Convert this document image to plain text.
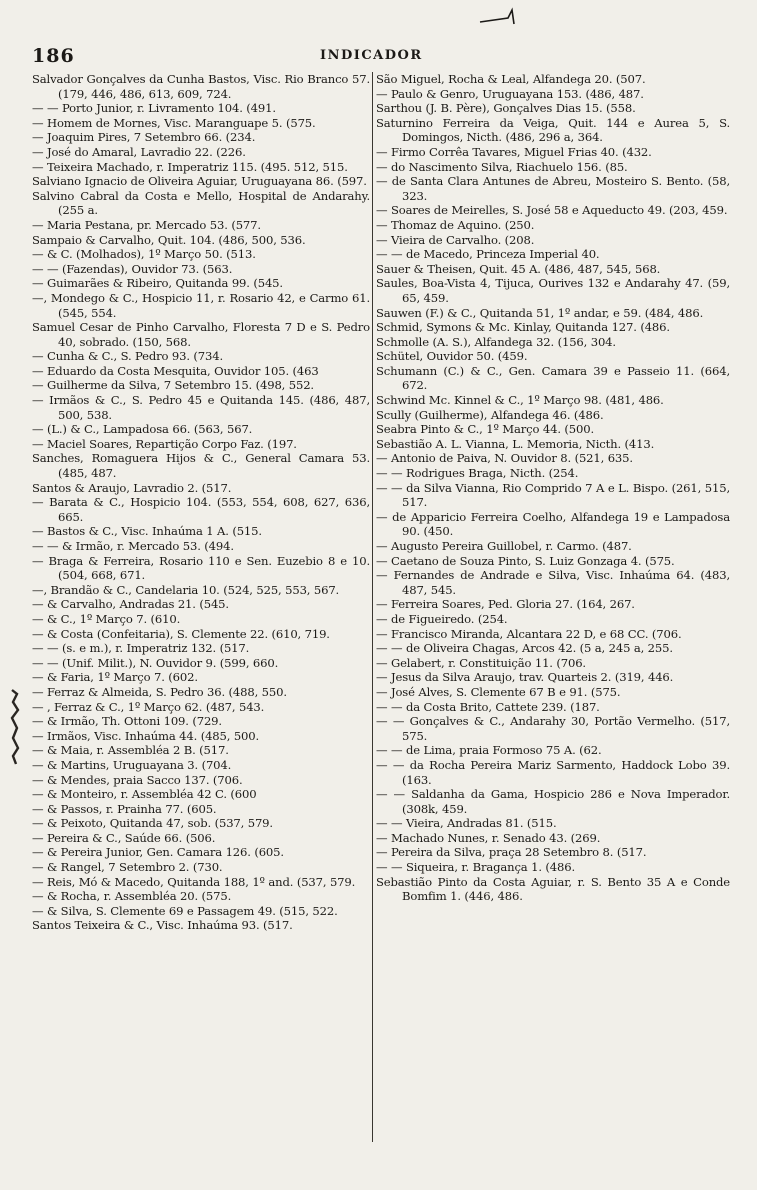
186	INDICADOR
Salvador Gonçalves da Cunha Bastos, Visc. Rio Branco 57. (179, 446, 486, 613, 609, 724.
— — Porto Junior, r. Livramento 104. (491.
— Homem de Mornes, Visc. Maranguape 5. (575.
— Joaquim Pires, 7 Setembro 66. (234.
— José do Amaral, Lavradio 22. (226.
— Teixeira Machado, r. Imperatriz 115. (495. 512, 515.
Salviano Ignacio de Oliveira Aguiar, Uruguayana 86. (597.
Salvino Cabral da Costa e Mello, Hospital de Andarahy. (255 a.
— Maria Pestana, pr. Mercado 53. (577.
Sampaio & Carvalho, Quit. 104. (486, 500, 536.
— & C. (Molhados), 1º Março 50. (513.
— — (Fazendas), Ouvidor 73. (563.
— Guimarães & Ribeiro, Quitanda 99. (545.
—, Mondego & C., Hospicio 11, r. Rosario 42, e Carmo 61. (545, 554.
Samuel Cesar de Pinho Carvalho, Floresta 7 D e S. Pedro 40, sobrado. (150, 568.
— Cunha & C., S. Pedro 93. (734.
— Eduardo da Costa Mesquita, Ouvidor 105. (463
— Guilherme da Silva, 7 Setembro 15. (498, 552.
— Irmãos & C., S. Pedro 45 e Quitanda 145. (486, 487, 500, 538.
— (L.) & C., Lampadosa 66. (563, 567.
— Maciel Soares, Repartição Corpo Faz. (197.
Sanches, Romaguera Hijos & C., General Camara 53. (485, 487.
Santos & Araujo, Lavradio 2. (517.
— Barata & C., Hospicio 104. (553, 554, 608, 627, 636, 665.
— Bastos & C., Visc. Inhaúma 1 A. (515.
— — & Irmão, r. Mercado 53. (494.
— Braga & Ferreira, Rosario 110 e Sen. Euzebio 8 e 10. (504, 668, 671.
—, Brandão & C., Candelaria 10. (524, 525, 553, 567.
— & Carvalho, Andradas 21. (545.
— & C., 1º Março 7. (610.
— & Costa (Confeitaria), S. Clemente 22. (610, 719.
— — (s. e m.), r. Imperatriz 132. (517.
— — (Unif. Milit.), N. Ouvidor 9. (599, 660.
— & Faria, 1º Março 7. (602.
— Ferraz & Almeida, S. Pedro 36. (488, 550.
— , Ferraz & C., 1º Março 62. (487, 543.
— & Irmão, Th. Ottoni 109. (729.
— Irmãos, Visc. Inhaúma 44. (485, 500.
— & Maia, r. Assembléa 2 B. (517.
— & Martins, Uruguayana 3. (704.
— & Mendes, praia Sacco 137. (706.
— & Monteiro, r. Assembléa 42 C. (600
— & Passos, r. Prainha 77. (605.
— & Peixoto, Quitanda 47, sob. (537, 579.
— Pereira & C., Saúde 66. (506.
— & Pereira Junior, Gen. Camara 126. (605.
— & Rangel, 7 Setembro 2. (730.
— Reis, Mó & Macedo, Quitanda 188, 1º and. (537, 579.
— & Rocha, r. Assembléa 20. (575.
— & Silva, S. Clemente 69 e Passagem 49. (515, 522.
Santos Teixeira & C., Visc. Inhaúma 93. (517.
São Miguel, Rocha & Leal, Alfandega 20. (507.
— Paulo & Genro, Uruguayana 153. (486, 487.
Sarthou (J. B. Père), Gonçalves Dias 15. (558.
Saturnino Ferreira da Veiga, Quit. 144 e Aurea 5, S. Domingos, Nicth. (486, 296 a, 364.
— Firmo Corrêa Tavares, Miguel Frias 40. (432.
— do Nascimento Silva, Riachuelo 156. (85.
— de Santa Clara Antunes de Abreu, Mosteiro S. Bento. (58, 323.
— Soares de Meirelles, S. José 58 e Aqueducto 49. (203, 459.
— Thomaz de Aquino. (250.
— Vieira de Carvalho. (208.
— — de Macedo, Princeza Imperial 40.
Sauer & Theisen, Quit. 45 A. (486, 487, 545, 568.
Saules, Boa-Vista 4, Tijuca, Ourives 132 e Andarahy 47. (59, 65, 459.
Sauwen (F.) & C., Quitanda 51, 1º andar, e 59. (484, 486.
Schmid, Symons & Mc. Kinlay, Quitanda 127. (486.
Schmolle (A. S.), Alfandega 32. (156, 304.
Schütel, Ouvidor 50. (459.
Schumann (C.) & C., Gen. Camara 39 e Passeio 11. (664, 672.
Schwind Mc. Kinnel & C., 1º Março 98. (481, 486.
Scully (Guilherme), Alfandega 46. (486.
Seabra Pinto & C., 1º Março 44. (500.
Sebastião A. L. Vianna, L. Memoria, Nicth. (413.
— Antonio de Paiva, N. Ouvidor 8. (521, 635.
— — Rodrigues Braga, Nicth. (254.
— — da Silva Vianna, Rio Comprido 7 A e L. Bispo. (261, 515, 517.
— de Apparicio Ferreira Coelho, Alfandega 19 e Lampadosa 90. (450.
— Augusto Pereira Guillobel, r. Carmo. (487.
— Caetano de Souza Pinto, S. Luiz Gonzaga 4. (575.
— Fernandes de Andrade e Silva, Visc. Inhaúma 64. (483, 487, 545.
— Ferreira Soares, Ped. Gloria 27. (164, 267.
— de Figueiredo. (254.
— Francisco Miranda, Alcantara 22 D, e 68 CC. (706.
— — de Oliveira Chagas, Arcos 42. (5 a, 245 a, 255.
— Gelabert, r. Constituição 11. (706.
— Jesus da Silva Araujo, trav. Quarteis 2. (319, 446.
— José Alves, S. Clemente 67 B e 91. (575.
— — da Costa Brito, Cattete 239. (187.
— — Gonçalves & C., Andarahy 30, Portão Vermelho. (517, 575.
— — de Lima, praia Formoso 75 A. (62.
— — da Rocha Pereira Mariz Sarmento, Haddock Lobo 39. (163.
— — Saldanha da Gama, Hospicio 286 e Nova Imperador. (308k, 459.
— — Vieira, Andradas 81. (515.
— Machado Nunes, r. Senado 43. (269.
— Pereira da Silva, praça 28 Setembro 8. (517.
— — Siqueira, r. Bragança 1. (486.
Sebastião Pinto da Costa Aguiar, r. S. Bento 35 A e Conde Bomfim 1. (446, 486.
